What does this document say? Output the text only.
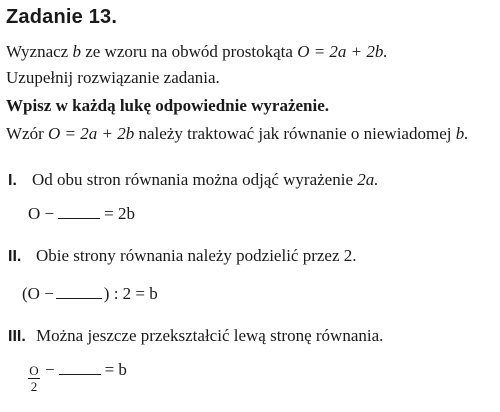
Zadanie 13.
Wyznacz b ze wzoru na obwód prostokąta O = 2a + 2b.
Uzupełnij rozwiązanie zadania.
Wpisz w każdą lukę odpowiednie wyrażenie.
Wzór O = 2a + 2b należy traktować jak równanie o niewiadomej b.
I. Od obu stron równania można odjąć wyrażenie 2a.
O −	= 2b
II. Obie strony równania należy podzielić przez 2.
(O −	) : 2 = b
III. Można jeszcze przekształcić lewą stronę równania.
$\frac{O}{2}$ −	= b
